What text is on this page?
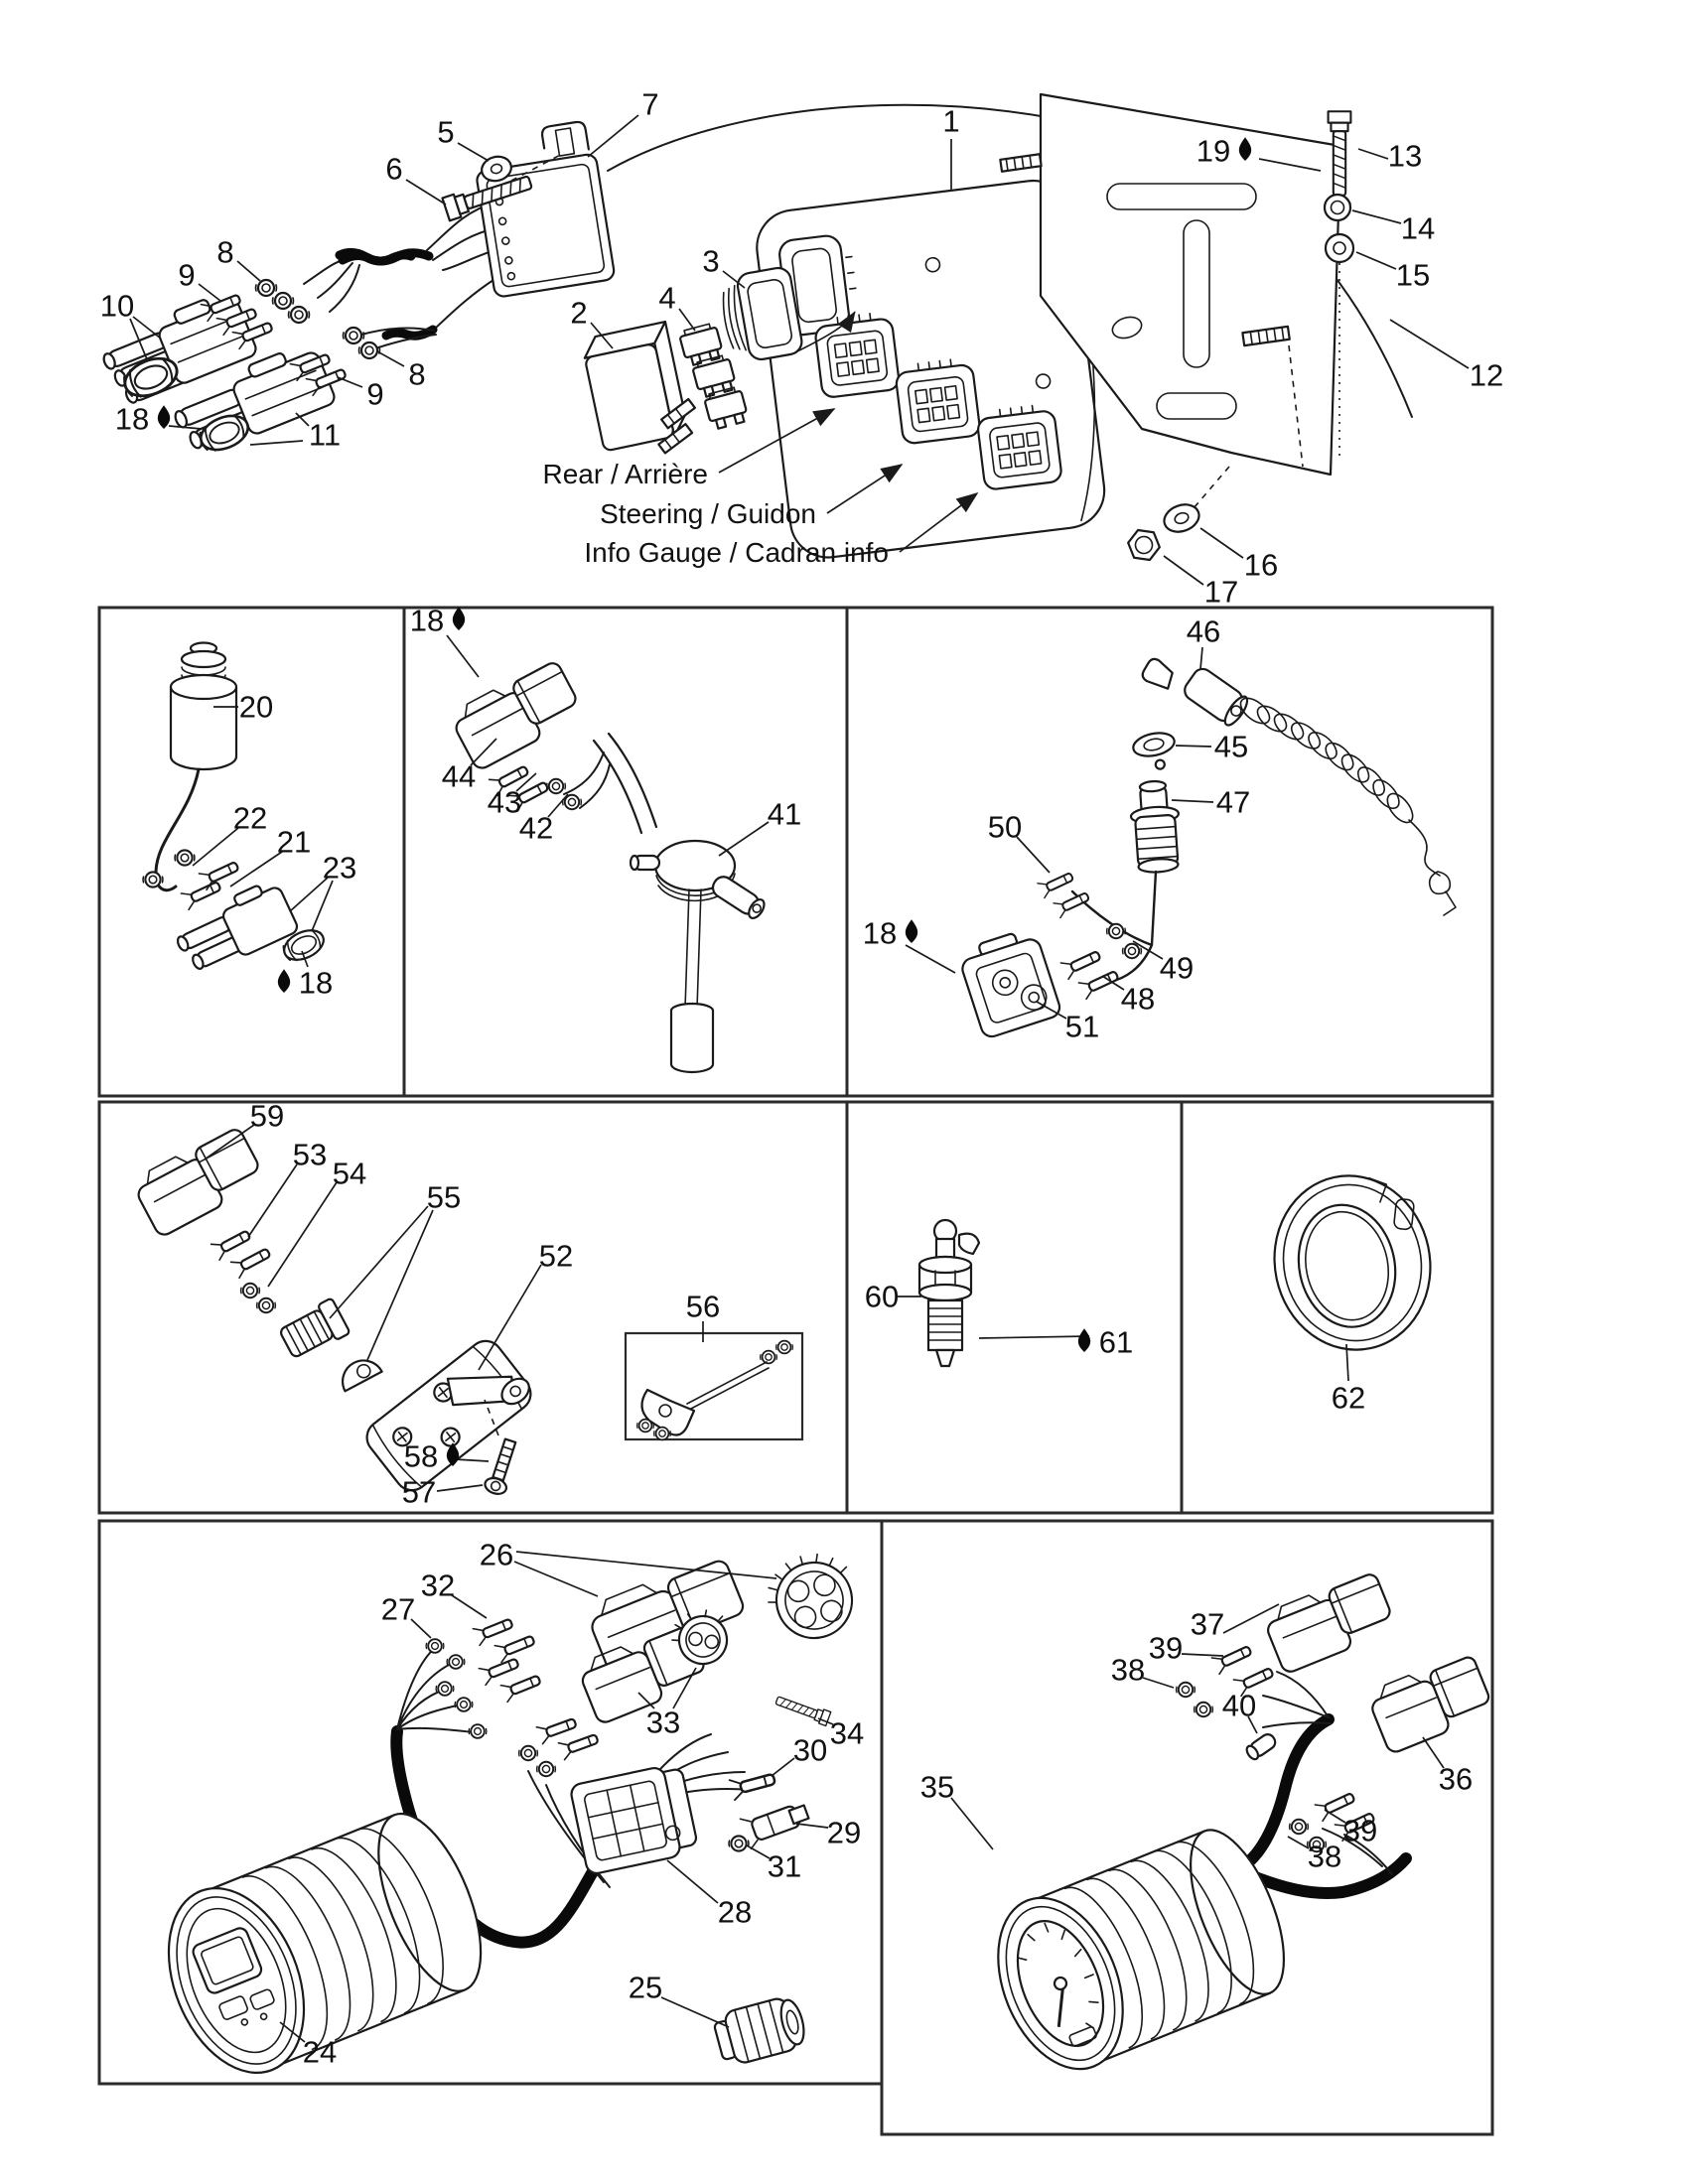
5
6
7	1
19	13
14
15
12
8
9
10
18	11
8
9
2 4
3
16
17
20
22
21
23
18
18
44
43
42	41
46
45
47
50
49
48
51
18
59
53
54
55
52
56
58
57
60
61
62
26
32
27
33	34
30
29
31
28
25
24
35
37
38
39
40
36
39
38
Rear / Arrière
Steering / Guidon
Info Gauge / Cadran info
